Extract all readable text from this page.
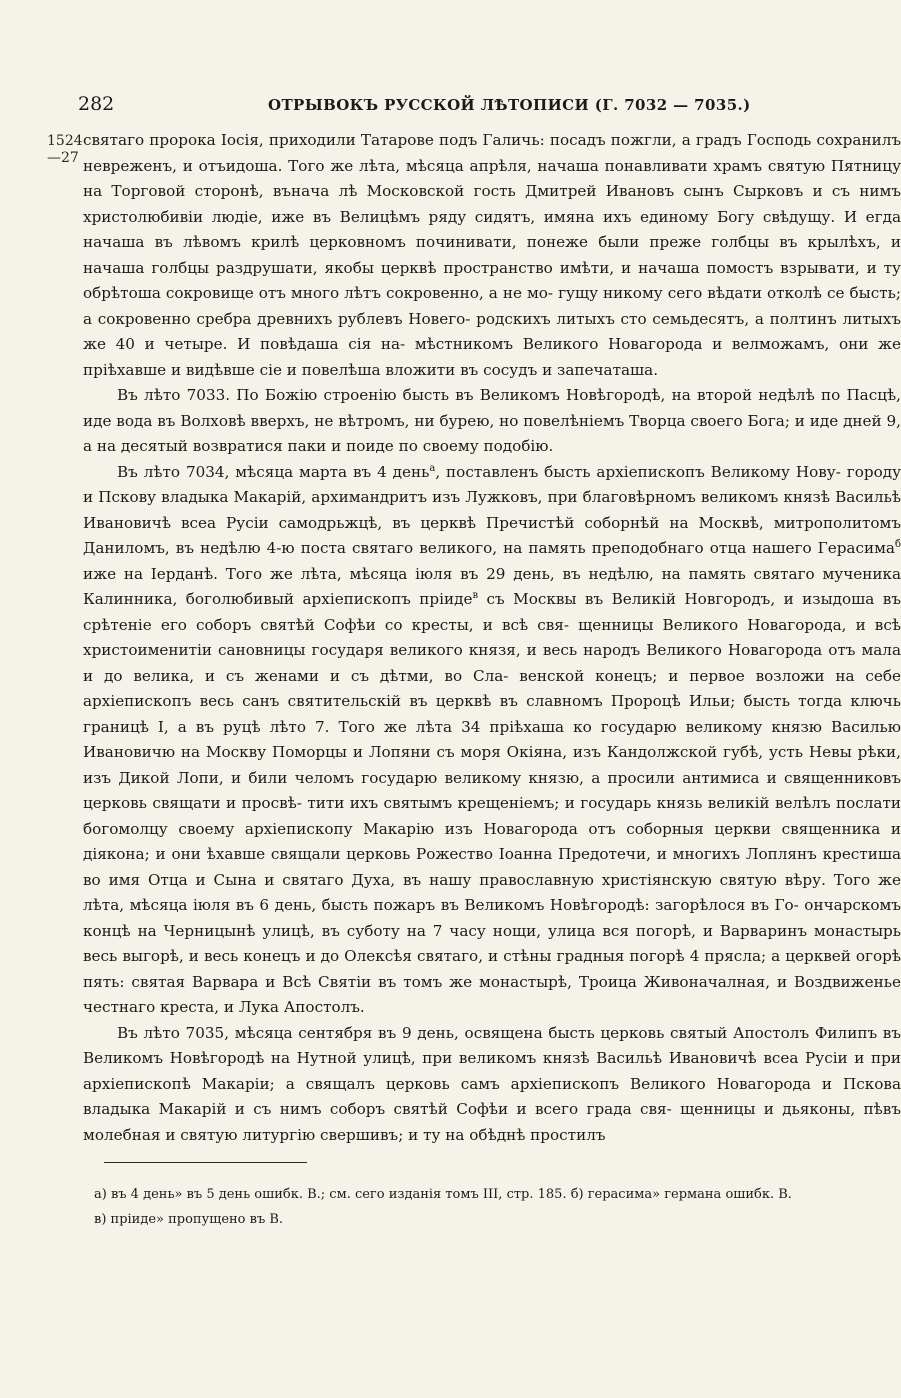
282	ОТРЫВОКЪ РУССКОЙ ЛѢТОПИСИ (Г. 7032 — 7035.)
1524
—27

святаго пророка Іосія, приходили Татарове подъ Галичь: посадъ пожгли, а градъ Господь сохранилъ невреженъ, и отъидоша. Того же лѣта, мѣсяца апрѣля, начаша понавливати храмъ святую Пятницу на Торговой сторонѣ, вънача лѣ Московской гость Дмитрей Ивановъ сынъ Сырковъ и съ нимъ христолюбивіи людіе, иже въ Велицѣмъ ряду сидятъ, имяна ихъ единому Богу свѣдущу. И егда начаша въ лѣвомъ крилѣ церковномъ починивати, понеже были преже голбцы въ крылѣхъ, и начаша голбцы раздрушати, якобы церквѣ пространство имѣти, и начаша помостъ взрывати, и ту обрѣтоша сокровище отъ много лѣтъ сокровенно, а не мо- гущу никому сего вѣдати отколѣ се бысть; а сокровенно сребра древнихъ рублевъ Новего- родскихъ литыхъ сто семьдесятъ, а полтинъ литыхъ же 40 и четыре. И повѣдаша сія на- мѣстникомъ Великого Новагорода и велможамъ, они же пріѣхавше и видѣвше сіе и повелѣша вложити въ сосудъ и запечаташа.

Въ лѣто 7033. По Божію строенію бысть въ Великомъ Новѣгородѣ, на второй недѣлѣ по Пасцѣ, иде вода въ Волховѣ вверхъ, не вѣтромъ, ни бурею, но повелѣніемъ Творца своего Бога; и иде дней 9, а на десятый возвратися паки и поиде по своему подобію.

Въ лѣто 7034, мѣсяца марта въ 4 день$^а$, поставленъ бысть архіепископъ Великому Нову- городу и Пскову владыка Макарій, архимандритъ изъ Лужковъ, при благовѣрномъ великомъ князѣ Васильѣ Ивановичѣ всеа Русіи самодрьжцѣ, въ церквѣ Пречистѣй соборнѣй на Москвѣ, митрополитомъ Даниломъ, въ недѣлю 4-ю поста святаго великого, на память преподобнаго отца нашего Герасима$^б$ иже на Іерданѣ. Того же лѣта, мѣсяца іюля въ 29 день, въ недѣлю, на память святаго мученика Калинника, боголюбивый архіепископъ пріиде$^в$ съ Москвы въ Великій Новгородъ, и изыдоша въ срѣтеніе его соборъ святѣй Софѣи со кресты, и всѣ свя- щенницы Великого Новагорода, и всѣ христоименитіи сановницы государя великого князя, и весь народъ Великого Новагорода отъ мала и до велика, и съ женами и съ дѣтми, во Сла- венской конецъ; и первое возложи на себе архіепископъ весь санъ святительскій въ церквѣ въ славномъ Пророцѣ Ильи; бысть тогда ключь границѣ І, а въ руцѣ лѣто 7. Того же лѣта 34 пріѣхаша ко государю великому князю Василью Ивановичю на Москву Поморцы и Лопяни съ моря Окіяна, изъ Кандолжской губѣ, усть Невы рѣки, изъ Дикой Лопи, и били челомъ государю великому князю, а просили антимиса и священниковъ церковь свящати и просвѣ- тити ихъ святымъ крещеніемъ; и государь князь великій велѣлъ послати богомолцу своему архіепископу Макарію изъ Новагорода отъ соборныя церкви священника и діякона; и они ѣхавше свящали церковь Рожество Іоанна Предотечи, и многихъ Лоплянъ крестиша во имя Отца и Сына и святаго Духа, въ нашу православную христіянскую святую вѣру. Того же лѣта, мѣсяца іюля въ 6 день, бысть пожаръ въ Великомъ Новѣгородѣ: загорѣлося въ Го- ончарскомъ концѣ на Черницынѣ улицѣ, въ суботу на 7 часу нощи, улица вся погорѣ, и Варваринъ монастырь весь выгорѣ, и весь конецъ и до Олексѣя святаго, и стѣны градныя погорѣ 4 прясла; а церквей огорѣ пять: святая Варвара и Всѣ Святіи въ томъ же монастырѣ, Троица Живоначалная, и Воздвиженье честнаго креста, и Лука Апостолъ.

Въ лѣто 7035, мѣсяца сентября въ 9 день, освящена бысть церковь святый Апостолъ Филипъ въ Великомъ Новѣгородѣ на Нутной улицѣ, при великомъ князѣ Васильѣ Ивановичѣ всеа Русіи и при архіепископѣ Макаріи; а свящалъ церковь самъ архіепископъ Великого Новагорода и Пскова владыка Макарій и съ нимъ соборъ святѣй Софѣи и всего града свя- щенницы и дьяконы, пѣвъ молебная и святую литургію свершивъ; и ту на обѣднѣ простилъ

а) въ 4 день» въ 5 день ошибк. В.; см. сего изданія томъ III, стр. 185. б) герасима» германа ошибк. В.

в) пріиде» пропущено въ В.
